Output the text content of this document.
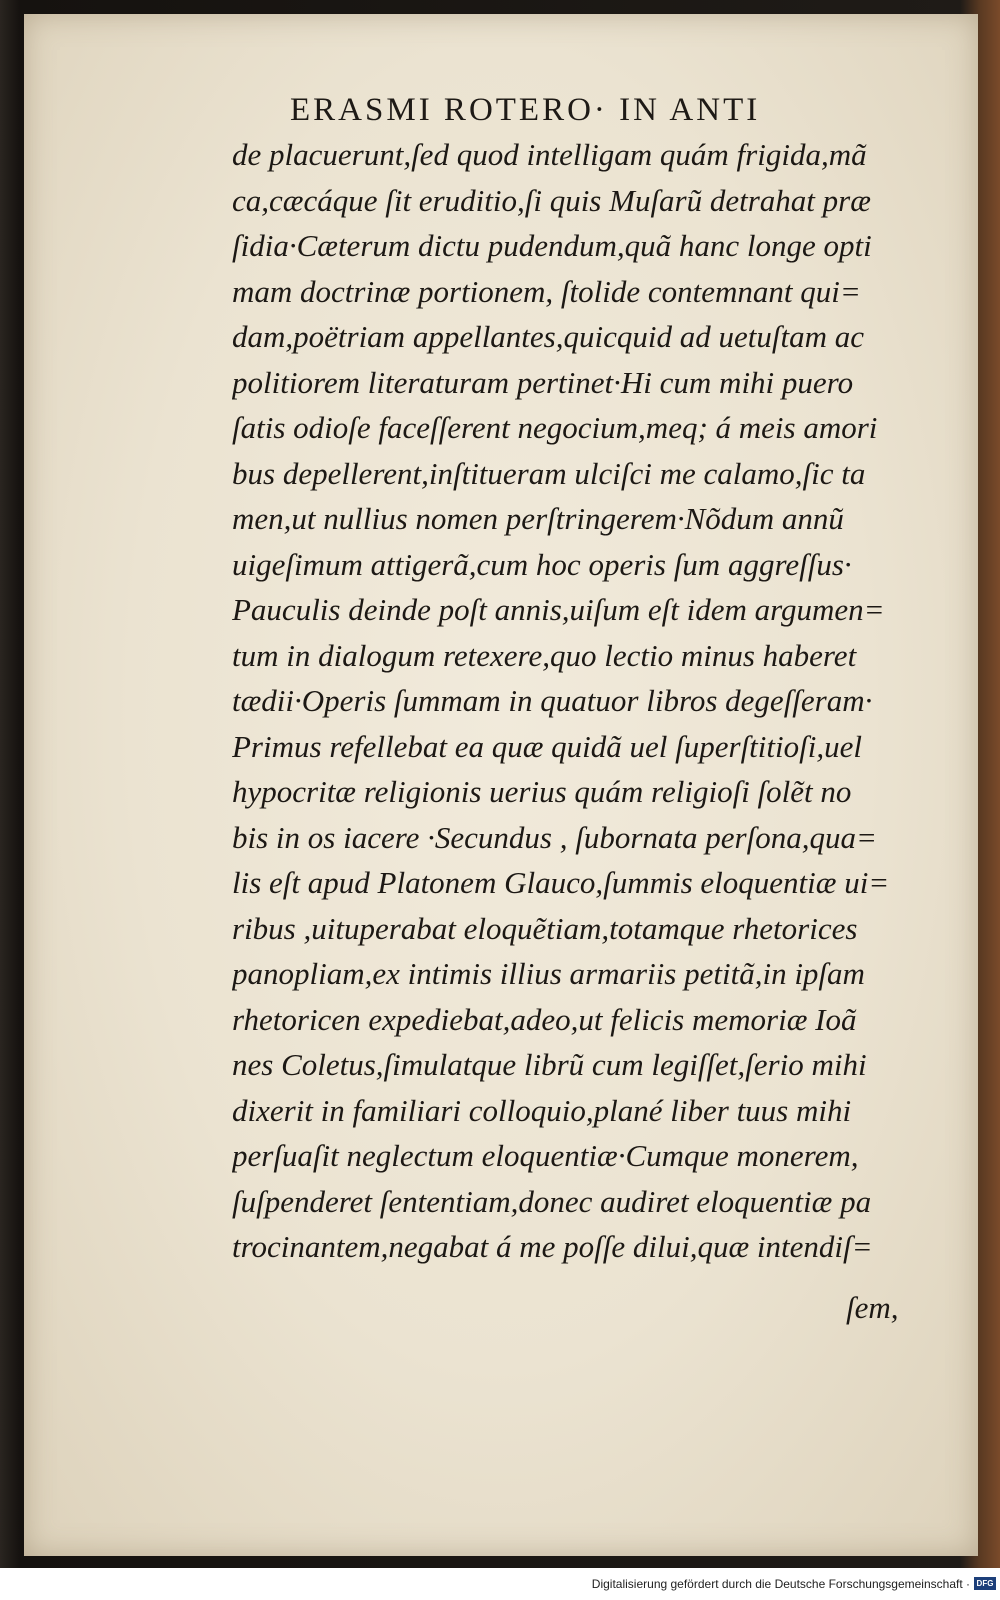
ERASMI ROTERO· IN ANTI
de placuerunt,ſed quod intelligam quám frigida,mã
ca,cæcáque ſit eruditio,ſi quis Muſarũ detrahat præ
ſidia·Cæterum dictu pudendum,quã hanc longe opti
mam doctrinæ portionem, ſtolide contemnant qui=
dam,poëtriam appellantes,quicquid ad uetuſtam ac
politiorem literaturam pertinet·Hi cum mihi puero
ſatis odioſe faceſſerent negocium,meq; á meis amori
bus depellerent,inſtitueram ulciſci me calamo,ſic ta
men,ut nullius nomen perſtringerem·Nõdum annũ
uigeſimum attigerã,cum hoc operis ſum aggreſſus·
Pauculis deinde poſt annis,uiſum eſt idem argumen=
tum in dialogum retexere,quo lectio minus haberet
tædii·Operis ſummam in quatuor libros degeſſeram·
Primus refellebat ea quæ quidã uel ſuperſtitioſi,uel
hypocritæ religionis uerius quám religioſi ſolẽt no
bis in os iacere ·Secundus , ſubornata perſona,qua=
lis eſt apud Platonem Glauco,ſummis eloquentiæ ui=
ribus ,uituperabat eloquẽtiam,totamque rhetorices
panopliam,ex intimis illius armariis petitã,in ipſam
rhetoricen expediebat,adeo,ut felicis memoriæ Ioã
nes Coletus,ſimulatque librũ cum legiſſet,ſerio mihi
dixerit in familiari colloquio,plané liber tuus mihi
perſuaſit neglectum eloquentiæ·Cumque monerem,
ſuſpenderet ſententiam,donec audiret eloquentiæ pa
trocinantem,negabat á me poſſe dilui,quæ intendiſ=
ſem,
Digitalisierung gefördert durch die Deutsche Forschungsgemeinschaft · DFG
